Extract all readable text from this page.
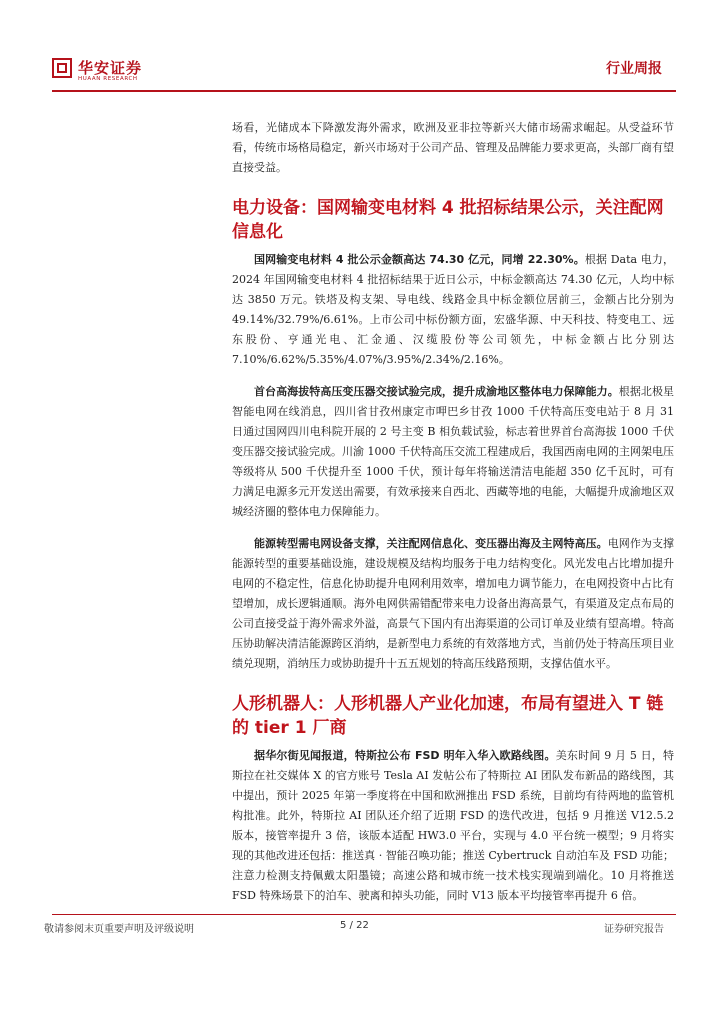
华安证券
HUAAN RESEARCH
行业周报

场看，光储成本下降激发海外需求，欧洲及亚非拉等新兴大储市场需求崛起。从受益环节看，传统市场格局稳定，新兴市场对于公司产品、管理及品牌能力要求更高，头部厂商有望直接受益。

电力设备：国网输变电材料 4 批招标结果公示，关注配网信息化

国网输变电材料 4 批公示金额高达 74.30 亿元，同增 22.30%。根据 Data 电力，2024 年国网输变电材料 4 批招标结果于近日公示，中标金额高达 74.30 亿元，人均中标达 3850 万元。铁塔及构支架、导电线、线路金具中标金额位居前三，金额占比分别为 49.14%/32.79%/6.61%。上市公司中标份额方面，宏盛华源、中天科技、特变电工、远东股份、亨通光电、汇金通、汉缆股份等公司领先，中标金额占比分别达 7.10%/6.62%/5.35%/4.07%/3.95%/2.34%/2.16%。

首台高海拔特高压变压器交接试验完成，提升成渝地区整体电力保障能力。根据北极星智能电网在线消息，四川省甘孜州康定市呷巴乡甘孜 1000 千伏特高压变电站于 8 月 31 日通过国网四川电科院开展的 2 号主变 B 相负载试验，标志着世界首台高海拔 1000 千伏变压器交接试验完成。川渝 1000 千伏特高压交流工程建成后，我国西南电网的主网架电压等级将从 500 千伏提升至 1000 千伏，预计每年将输送清洁电能超 350 亿千瓦时，可有力满足电源多元开发送出需要，有效承接来自西北、西藏等地的电能，大幅提升成渝地区双城经济圈的整体电力保障能力。

能源转型需电网设备支撑，关注配网信息化、变压器出海及主网特高压。电网作为支撑能源转型的重要基础设施，建设规模及结构均服务于电力结构变化。风光发电占比增加提升电网的不稳定性，信息化协助提升电网利用效率，增加电力调节能力，在电网投资中占比有望增加，成长逻辑通顺。海外电网供需错配带来电力设备出海高景气，有渠道及定点布局的公司直接受益于海外需求外溢，高景气下国内有出海渠道的公司订单及业绩有望高增。特高压协助解决清洁能源跨区消纳，是新型电力系统的有效落地方式，当前仍处于特高压项目业绩兑现期，消纳压力或协助提升十五五规划的特高压线路预期，支撑估值水平。

人形机器人：人形机器人产业化加速，布局有望进入 T 链的 tier 1 厂商

据华尔街见闻报道，特斯拉公布 FSD 明年入华入欧路线图。美东时间 9 月 5 日，特斯拉在社交媒体 X 的官方账号 Tesla AI 发帖公布了特斯拉 AI 团队发布新品的路线图，其中提出，预计 2025 年第一季度将在中国和欧洲推出 FSD 系统，目前均有待两地的监管机构批准。此外，特斯拉 AI 团队还介绍了近期 FSD 的迭代改进，包括 9 月推送 V12.5.2 版本，接管率提升 3 倍，该版本适配 HW3.0 平台，实现与 4.0 平台统一模型；9 月将实现的其他改进还包括：推送真 · 智能召唤功能；推送 Cybertruck 自动泊车及 FSD 功能；注意力检测支持佩戴太阳墨镜；高速公路和城市统一技术栈实现端到端化。10 月将推送 FSD 特殊场景下的泊车、驶离和掉头功能，同时 V13 版本平均接管率再提升 6 倍。

敬请参阅末页重要声明及评级说明	5 / 22	证券研究报告
